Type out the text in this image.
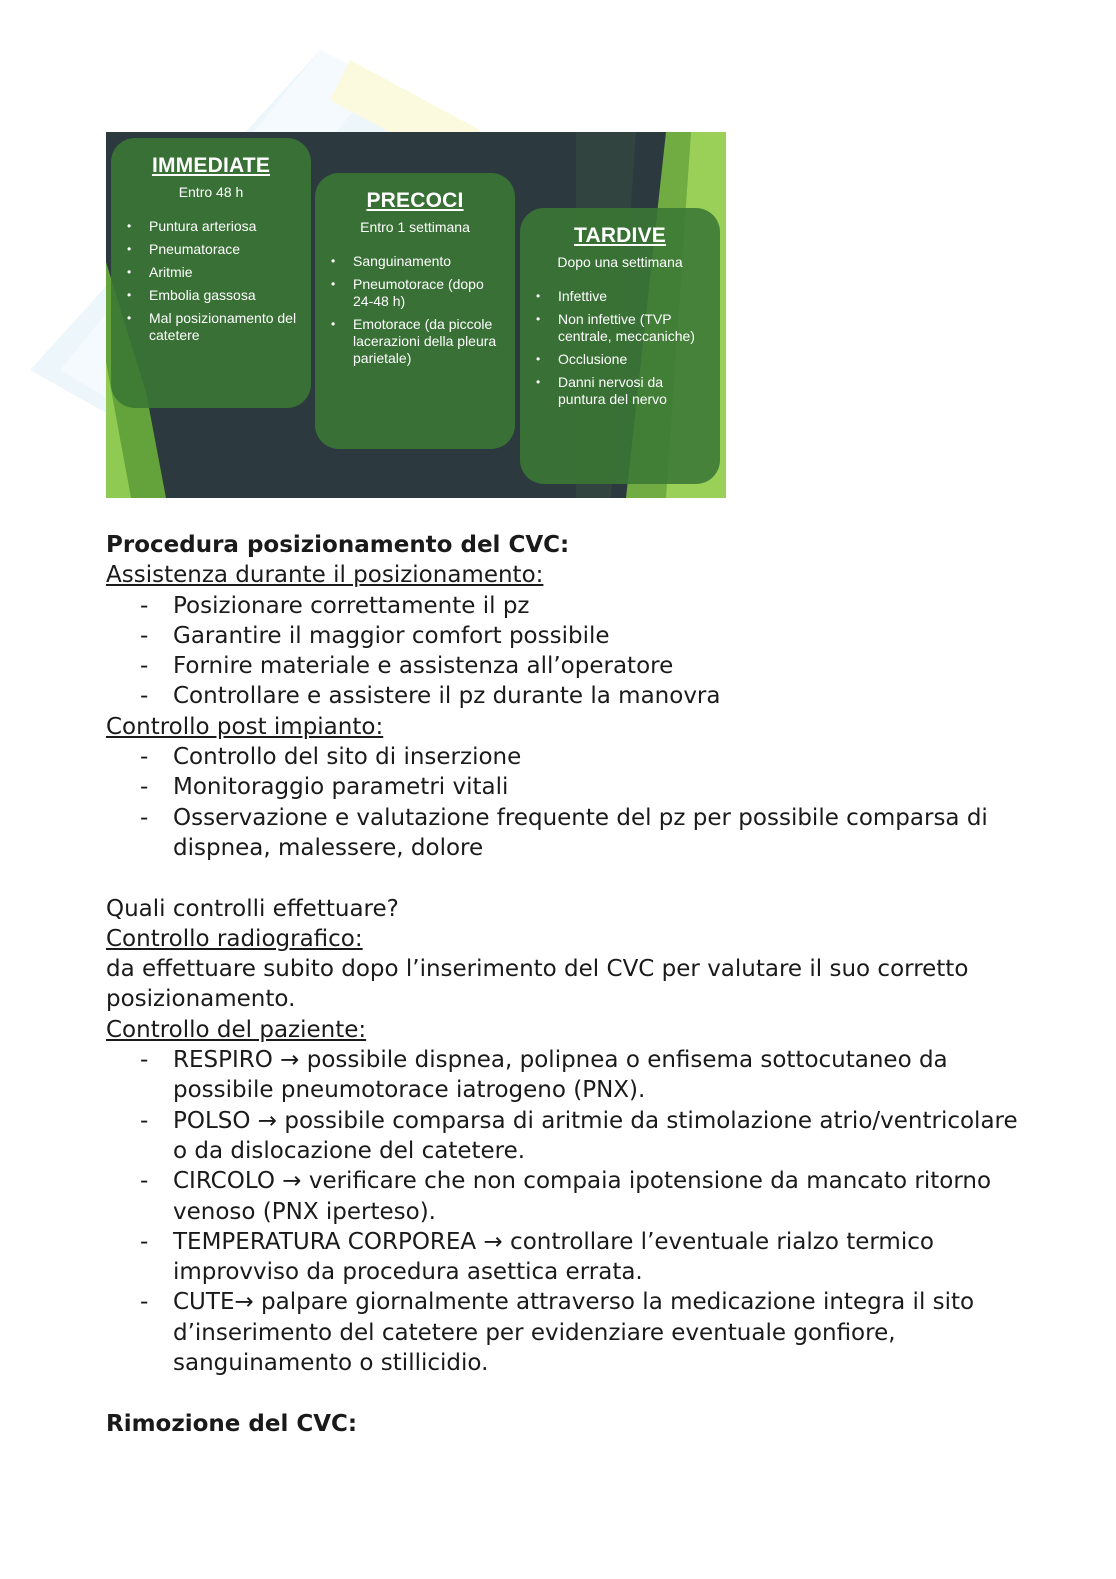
IMMEDIATE
Entro 48 h
• Puntura arteriosa
• Pneumatorace
• Aritmie
• Embolia gassosa
• Mal posizionamento del catetere
PRECOCI
Entro 1 settimana
• Sanguinamento
• Pneumotorace (dopo 24-48 h)
• Emotorace (da piccole lacerazioni della pleura parietale)
TARDIVE
Dopo una settimana
• Infettive
• Non infettive (TVP centrale, meccaniche)
• Occlusione
• Danni nervosi da puntura del nervo
Procedura posizionamento del CVC:

Assistenza durante il posizionamento:

- Posizionare correttamente il pz
- Garantire il maggior comfort possibile
- Fornire materiale e assistenza all’operatore
- Controllare e assistere il pz durante la manovra

Controllo post impianto:

- Controllo del sito di inserzione
- Monitoraggio parametri vitali
- Osservazione e valutazione frequente del pz per possibile comparsa di dispnea, malessere, dolore

Quali controlli effettuare?

Controllo radiografico:

da effettuare subito dopo l’inserimento del CVC per valutare il suo corretto posizionamento.

Controllo del paziente:

- RESPIRO → possibile dispnea, polipnea o enfisema sottocutaneo da possibile pneumotorace iatrogeno (PNX).
- POLSO → possibile comparsa di aritmie da stimolazione atrio/ventricolare o da dislocazione del catetere.
- CIRCOLO → verificare che non compaia ipotensione da mancato ritorno venoso (PNX iperteso).
- TEMPERATURA CORPOREA → controllare l’eventuale rialzo termico improvviso da procedura asettica errata.
- CUTE→ palpare giornalmente attraverso la medicazione integra il sito d’inserimento del catetere per evidenziare eventuale gonfiore, sanguinamento o stillicidio.
Rimozione del CVC:
